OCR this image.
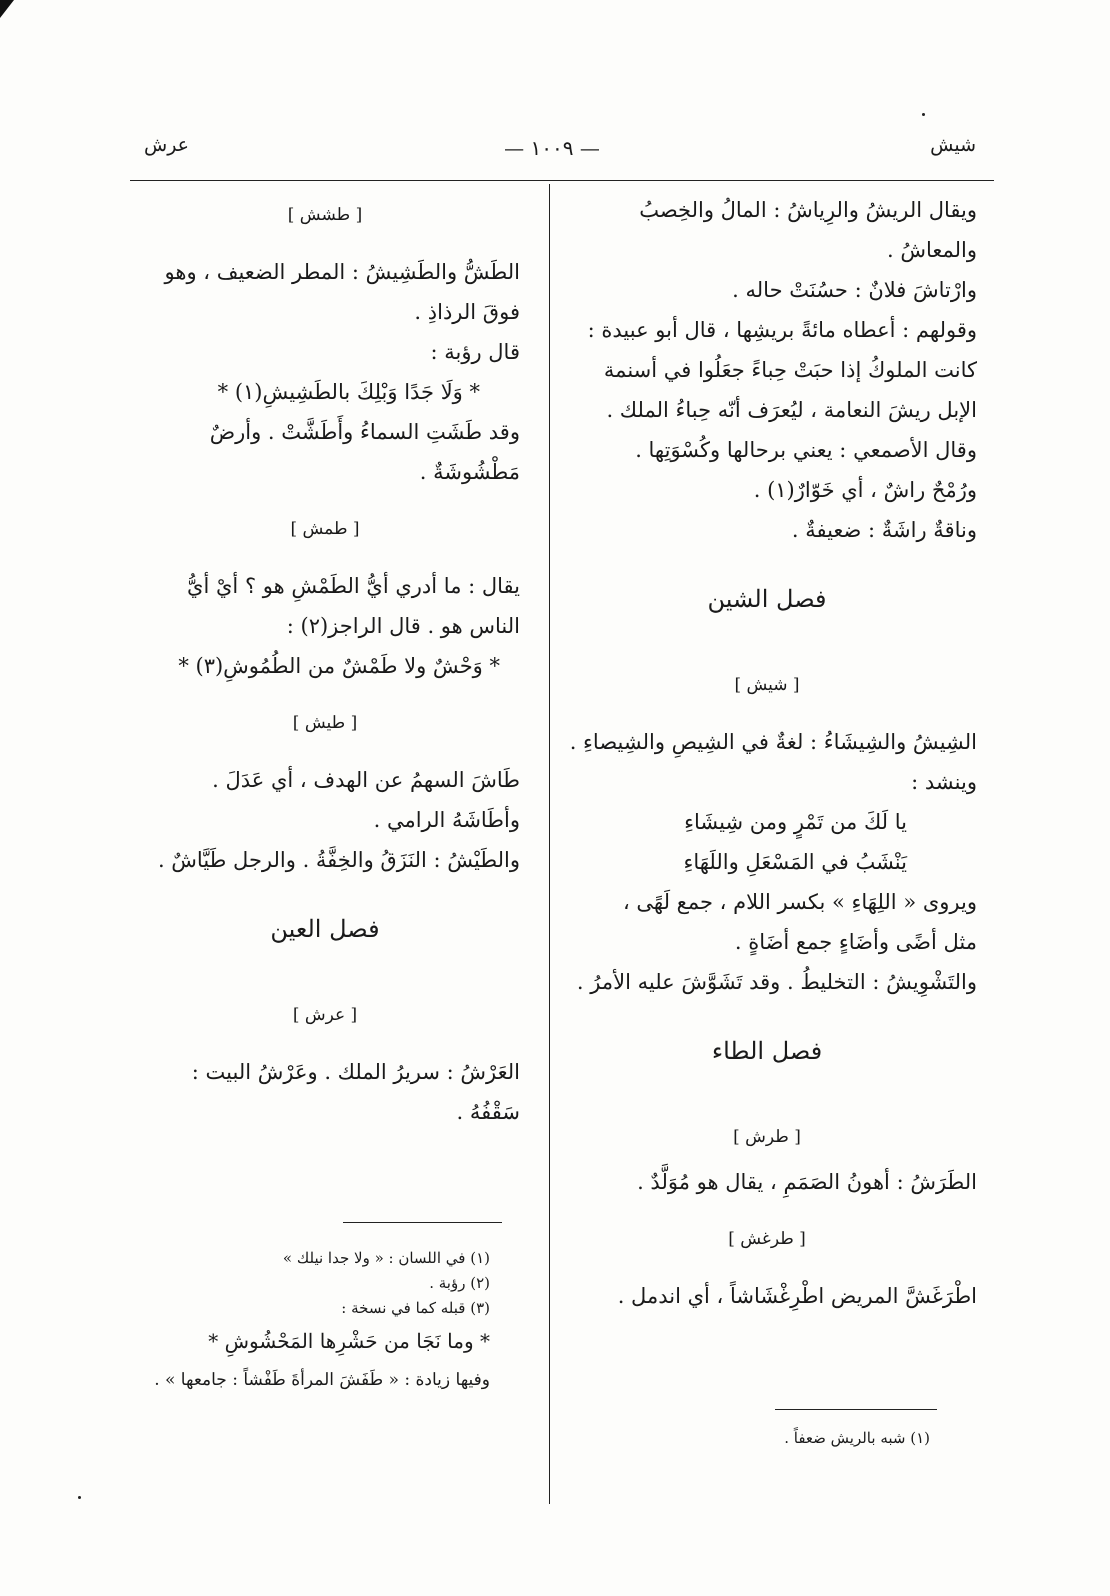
شيش
— ١٠٠٩ —
عرش

ويقال الريشُ والرِياشُ : المالُ والخِصبُ

والمعاشُ .

وارْتاشَ فلانٌ : حسُنَتْ حاله .

وقولهم : أعطاه مائةً بريشِها ، قال أبو عبيدة :

كانت الملوكُ إذا حبَتْ حِباءً جعَلُوا في أسنمة

الإبل ريشَ النعامة ، ليُعرَف أنّه حِباءُ الملك .

وقال الأصمعي : يعني برحالها وكُسْوَتِها .

ورُمْحٌ راشٌ ، أي خَوّارٌ(١) .

وناقةٌ راشَةٌ : ضعيفةٌ .

فصل الشين

[ شيش ]

الشِيشُ والشِيشَاءُ : لغةٌ في الشِيصِ والشِيصاءِ .

وينشد :

يا لَكَ من تَمْرٍ ومن شِيشَاءِ

يَنْشَبُ في المَسْعَلِ واللَهَاءِ

ويروى « اللِهَاءِ » بكسر اللام ، جمع لَهًى ،

مثل أضًى وأضَاءٍ جمع أضَاةٍ .

والتَشْوِيشُ : التخليطُ . وقد تَشَوَّشَ عليه الأمرُ .

فصل الطاء

[ طرش ]

الطَرَشُ : أهونُ الصَمَمِ ، يقال هو مُوَلَّدٌ .

[ طرغش ]

اطْرَغَشَّ المريض اطْرِغْشَاشاً ، أي اندمل .

[ طشش ]

الطَشُّ والطَشِيشُ : المطر الضعيف ، وهو

فوقَ الرذاذِ .

قال رؤبة :

* وَلَا جَدًا وَبْلِكَ بالطَشِيشِ(١) *

وقد طَشَتِ السماءُ وأَطَشَّتْ . وأرضٌ

مَطْشُوشَةٌ .

[ طمش ]

يقال : ما أدري أيُّ الطَمْشِ هو ؟ أيْ أيُّ

الناس هو . قال الراجز(٢) :

* وَحْشٌ ولا طَمْشٌ من الطُمُوشِ(٣) *

[ طيش ]

طَاشَ السهمُ عن الهدف ، أي عَدَلَ .

وأطَاشَهُ الرامي .

والطَيْشُ : النَزَقُ والخِفَّةُ . والرجل طَيَّاشٌ .

فصل العين

[ عرش ]

العَرْشُ : سريرُ الملك . وعَرْشُ البيت :

سَقْفُهُ .

(١) في اللسان : « ولا جدا نيلك »
(٢) رؤبة .
(٣) قبله كما في نسخة :
* وما نَجَا من حَشْرِها المَحْشُوشِ *
وفيها زيادة : « طَفَشَ المرأةَ طَفْشاً : جامعها » .
(١) شبه بالريش ضعفاً .
